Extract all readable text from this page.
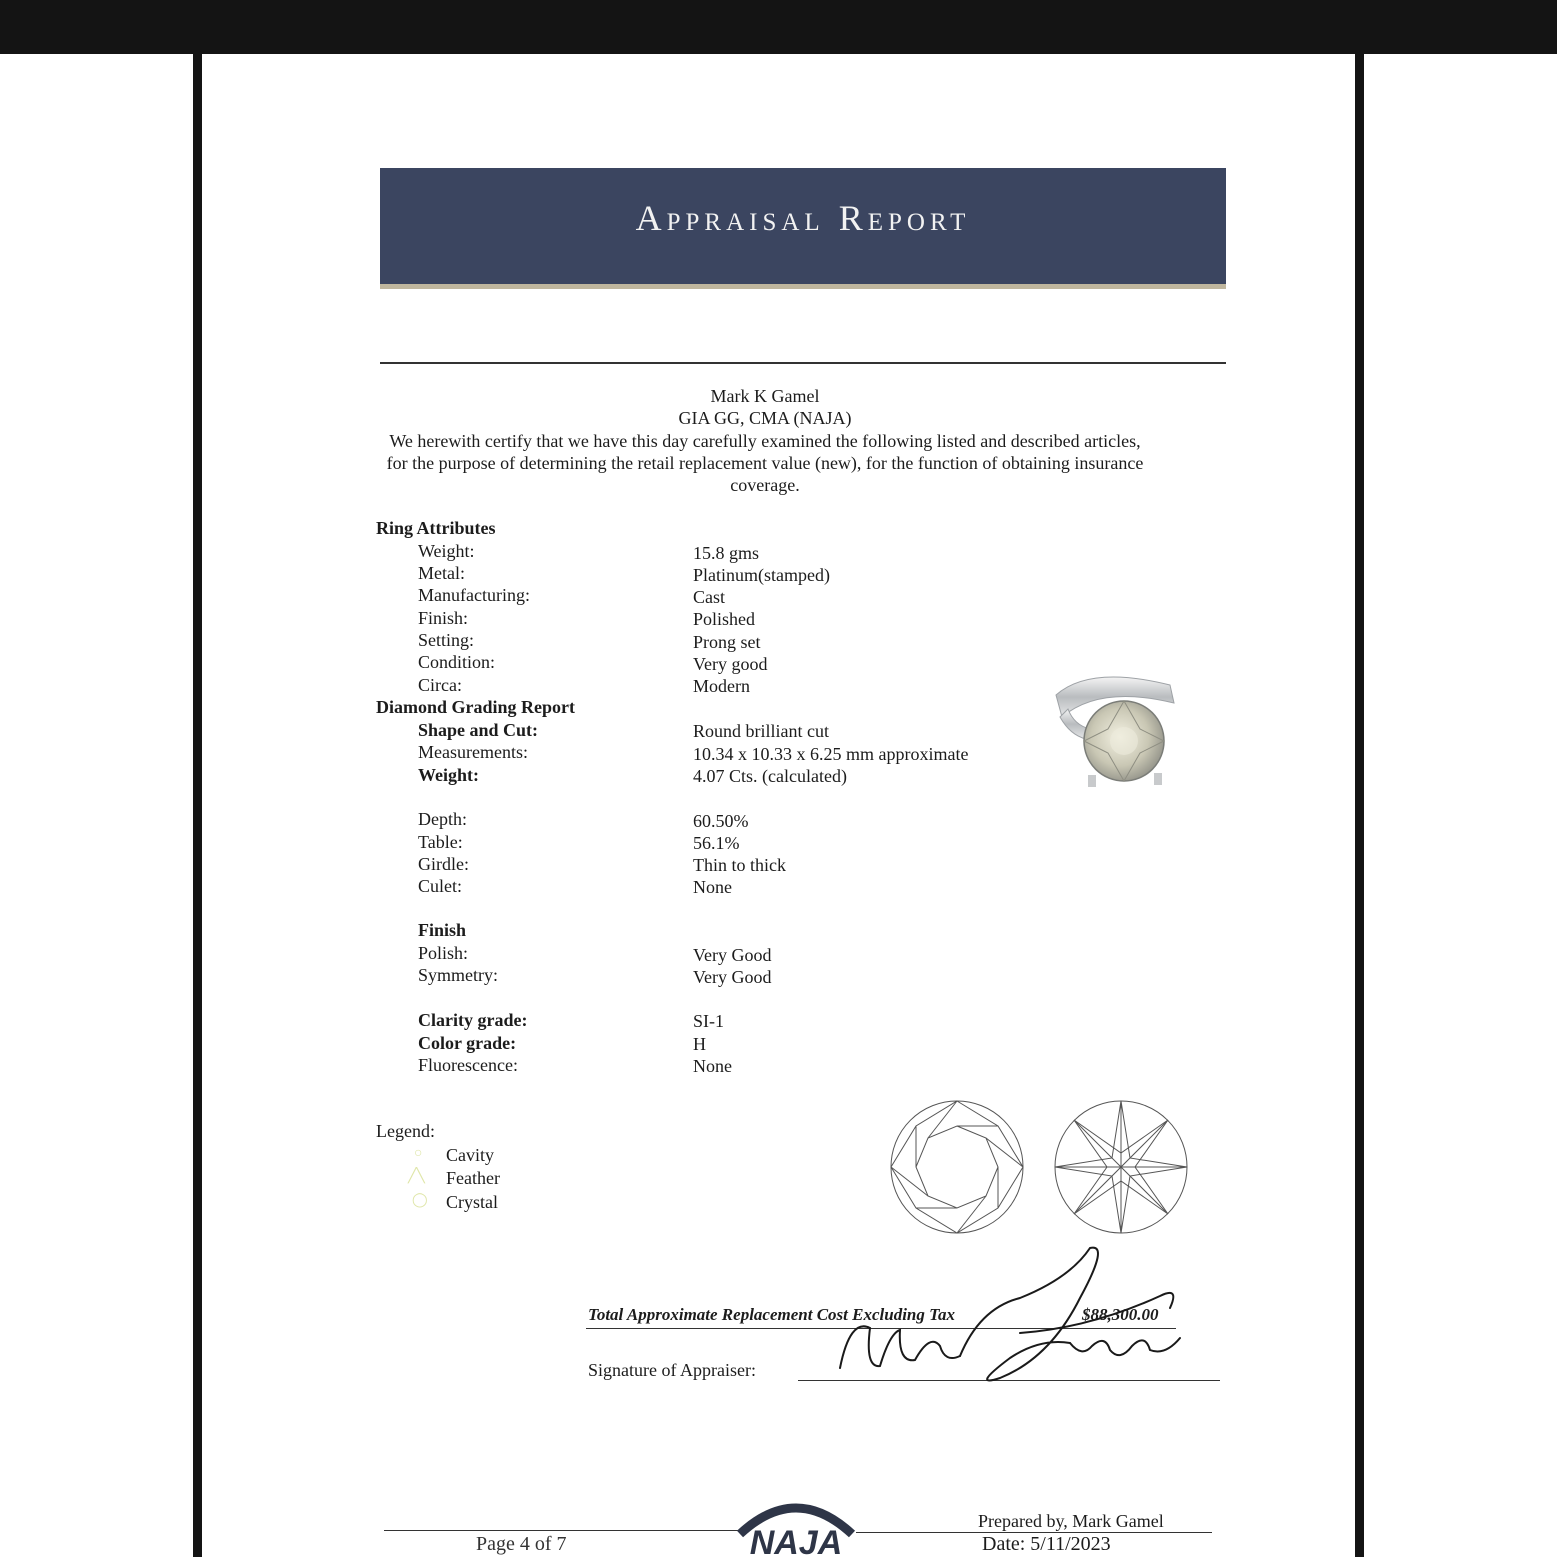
Appraisal Report
Mark K Gamel
GIA GG, CMA (NAJA)
We herewith certify that we have this day carefully examined the following listed and described articles, for the purpose of determining the retail replacement value (new), for the function of obtaining insurance coverage.
Ring Attributes
Weight:	15.8 gms
Metal:	Platinum(stamped)
Manufacturing:	Cast
Finish:	Polished
Setting:	Prong set
Condition:	Very good
Circa:	Modern
Diamond Grading Report
Shape and Cut:	Round brilliant cut
Measurements:	10.34 x 10.33 x 6.25 mm approximate
Weight:	4.07 Cts. (calculated)
Depth:	60.50%
Table:	56.1%
Girdle:	Thin to thick
Culet:	None
Finish
Polish:	Very Good
Symmetry:	Very Good
Clarity grade:	SI-1
Color grade:	H
Fluorescence:	None
Legend:
○ Cavity
╱╲ Feather
◯ Crystal
Total Approximate Replacement Cost Excluding Tax	$88,300.00
Signature of Appraiser:
Page 4 of 7	NAJA
Prepared by, Mark Gamel
Date: 5/11/2023
